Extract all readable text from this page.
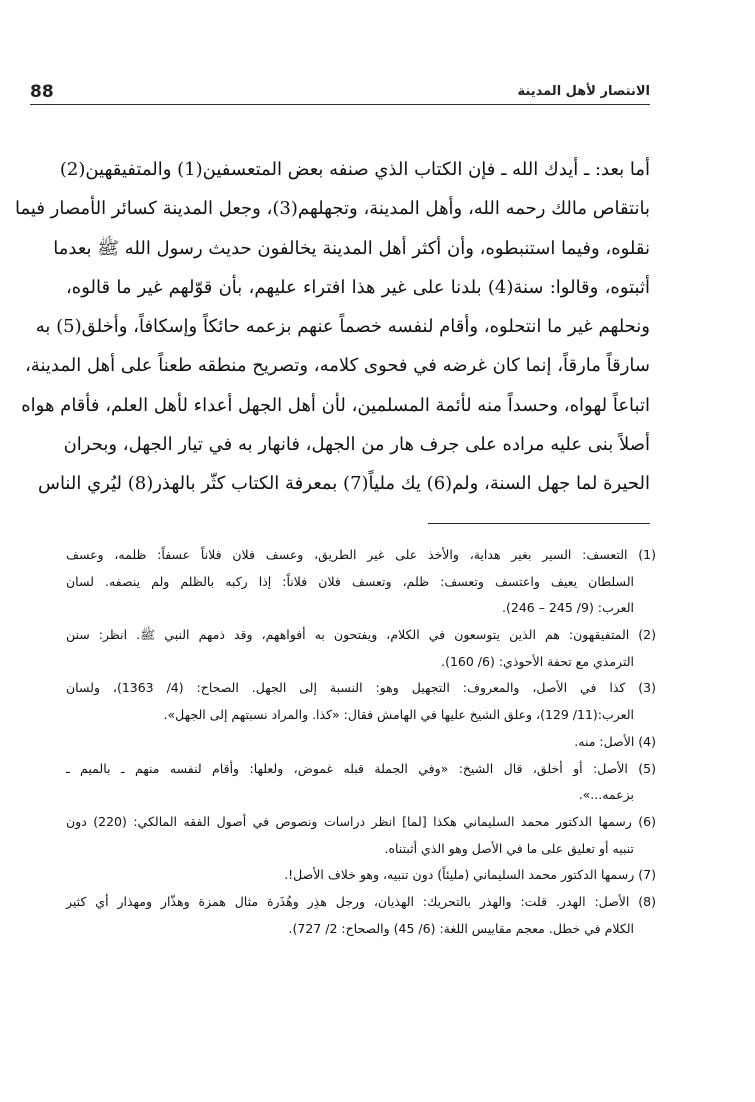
الانتصار لأهل المدينة
88

أما بعد: ـ أيدك الله ـ فإن الكتاب الذي صنفه بعض المتعسفين(1) والمتفيقهين(2)

بانتقاص مالك رحمه الله، وأهل المدينة، وتجهلهم(3)، وجعل المدينة كسائر الأمصار فيما

نقلوه، وفيما استنبطوه، وأن أكثر أهل المدينة يخالفون حديث رسول الله ﷺ بعدما

أثبتوه، وقالوا: سنة(4) بلدنا على غير هذا افتراء عليهم، بأن قوّلهم غير ما قالوه،

ونحلهم غير ما انتحلوه، وأقام لنفسه خصماً عنهم بزعمه حائكاً وإسكافاً، وأخلق(5) به

سارقاً مارقاً، إنما كان غرضه في فحوى كلامه، وتصريح منطقه طعناً على أهل المدينة،

اتباعاً لهواه، وحسداً منه لأئمة المسلمين، لأن أهل الجهل أعداء لأهل العلم، فأقام هواه

أصلاً بنى عليه مراده على جرف هار من الجهل، فانهار به في تيار الجهل، وبحران

الحيرة لما جهل السنة، ولم(6) يك ملياً(7) بمعرفة الكتاب كثّر بالهذر(8) ليُري الناس

(1) التعسف: السير بغير هداية، والأخذ على غير الطريق، وعسف فلان فلاناً عسفاً: ظلمه، وعسف

السلطان يعيف واعتسف وتعسف: ظلم، وتعسف فلان فلاناً: إذا ركبه بالظلم ولم ينصفه. لسان

العرب: (9/ 245 – 246).

(2) المتفيقهون: هم الذين يتوسعون في الكلام، ويفتحون به أفواههم، وقد ذمهم النبي ﷺ. انظر: سنن

الترمذي مع تحفة الأحوذي: (6/ 160).

(3) كذا في الأصل، والمعروف: التجهيل وهو: النسبة إلى الجهل. الصحاح: (4/ 1363)، ولسان

العرب:(11/ 129)، وعلق الشيخ عليها في الهامش فقال: «كذا. والمراد نسبتهم إلى الجهل».

(4) الأصل: منه.

(5) الأصل: أو أخلق، قال الشيخ: «وفي الجملة قبله غموض، ولعلها: وأقام لنفسه منهم ـ بالميم ـ

بزعمه...».

(6) رسمها الدكتور محمد السليماني هكذا [لما] انظر دراسات ونصوص في أصول الفقه المالكي: (220) دون

تنبيه أو تعليق على ما في الأصل وهو الذي أثبتناه.

(7) رسمها الدكتور محمد السليماني (مليئاً) دون تنبيه، وهو خلاف الأصل!.

(8) الأصل: الهدر. قلت: والهذر بالتحريك: الهذيان، ورجل هذِر وهُذَرة مثال همزة وهذّار ومهذار أي كثير

الكلام في خطل. معجم مقاييس اللغة: (6/ 45) والصحاح: 2/ 727).
